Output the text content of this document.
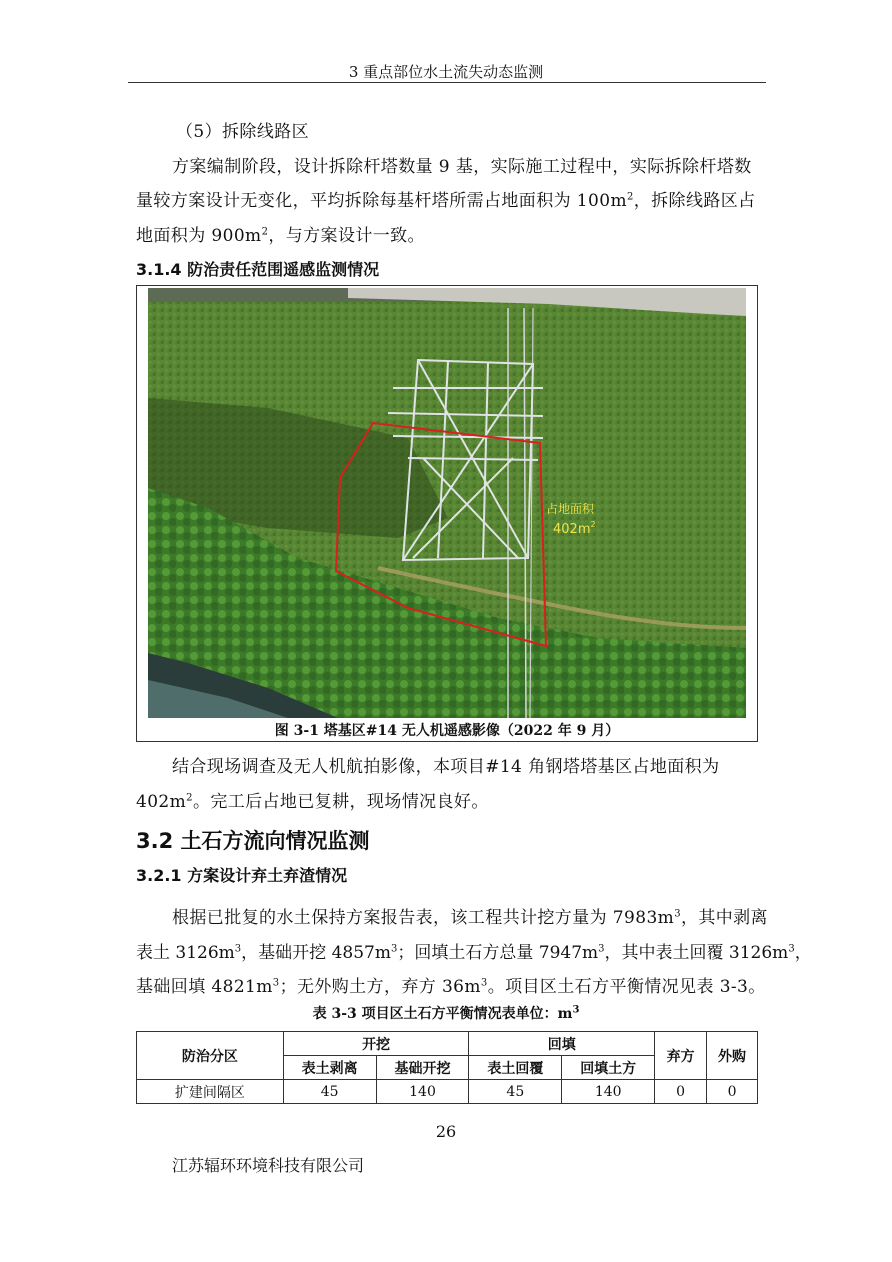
3 重点部位水土流失动态监测
（5）拆除线路区
方案编制阶段，设计拆除杆塔数量 9 基，实际施工过程中，实际拆除杆塔数
量较方案设计无变化，平均拆除每基杆塔所需占地面积为 $100m^2$，拆除线路区占
地面积为 $900m^2$，与方案设计一致。
3.1.4 防治责任范围遥感监测情况
占地面积
$402m^2$
图 3-1 塔基区#14 无人机遥感影像（2022 年 9 月）
结合现场调查及无人机航拍影像，本项目#14 角钢塔塔基区占地面积为
$402m^2$。完工后占地已复耕，现场情况良好。
3.2 土石方流向情况监测
3.2.1 方案设计弃土弃渣情况
根据已批复的水土保持方案报告表，该工程共计挖方量为 $7983m^3$，其中剥离
表土 $3126m^3$，基础开挖 $4857m^3$；回填土石方总量 $7947m^3$，其中表土回覆 $3126m^3$，
基础回填 $4821m^3$；无外购土方，弃方 $36m^3$。项目区土石方平衡情况见表 3-3。
表 3-3 项目区土石方平衡情况表单位：$m^3$
防治分区	开挖		回填		弃方	外购
	表土剥离	基础开挖	表土回覆	回填土方		
扩建间隔区	45	140	45	140	0	0
26
江苏辐环环境科技有限公司
